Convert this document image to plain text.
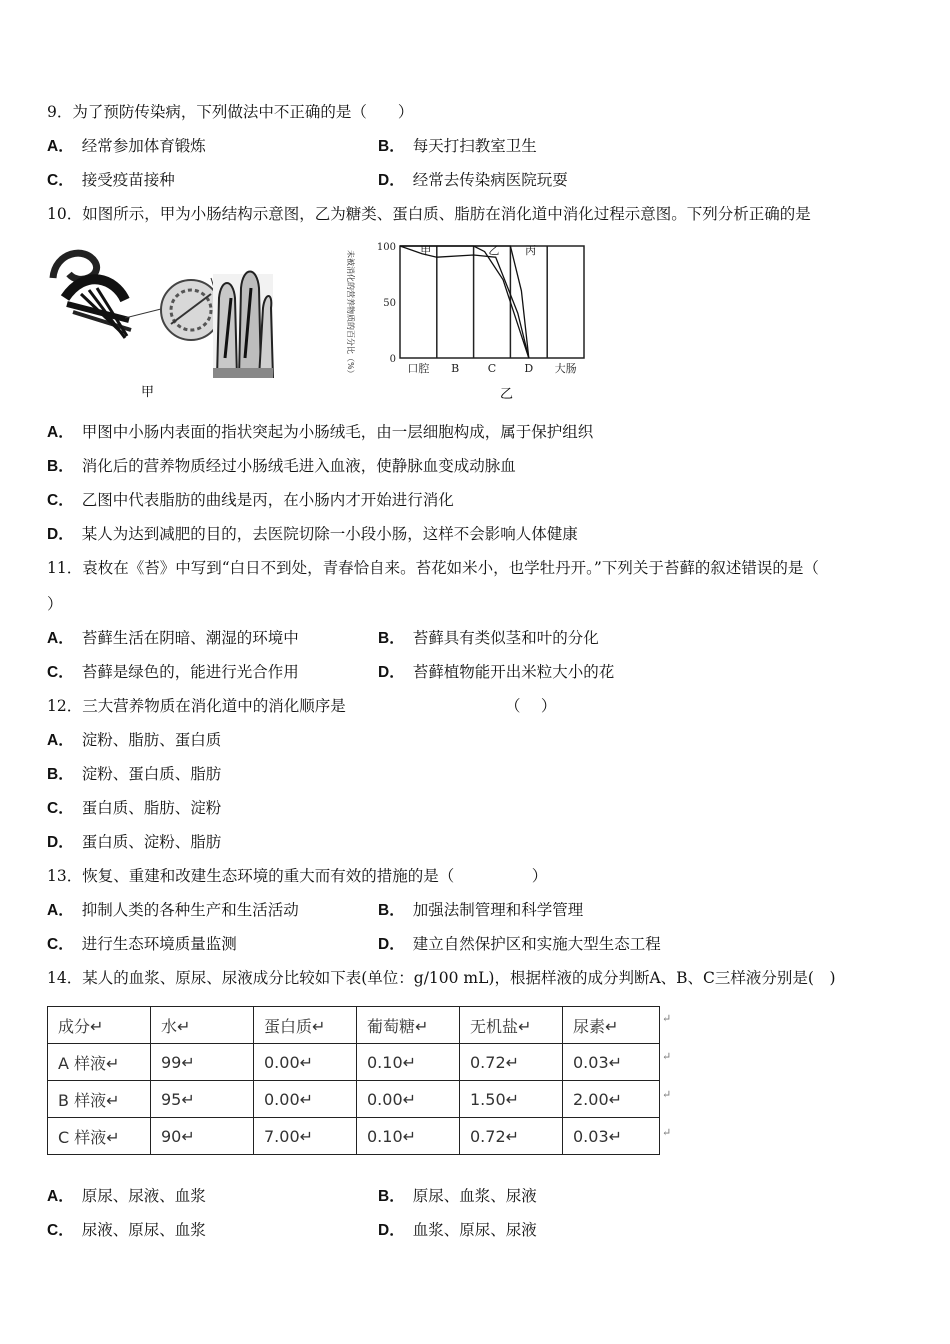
9．为了预防传染病，下列做法中不正确的是（　　）
A． 经常参加体育锻炼	B． 每天打扫教室卫生
C． 接受疫苗接种	D． 经常去传染病医院玩耍
10．如图所示，甲为小肠结构示意图，乙为糖类、蛋白质、脂肪在消化道中消化过程示意图。下列分析正确的是
甲
未被消化的营养物质的百分比（%）
100
50
0
口腔 B	C	D 大肠
甲	乙 丙
乙
A． 甲图中小肠内表面的指状突起为小肠绒毛，由一层细胞构成，属于保护组织
B． 消化后的营养物质经过小肠绒毛进入血液，使静脉血变成动脉血
C． 乙图中代表脂肪的曲线是丙，在小肠内才开始进行消化
D． 某人为达到减肥的目的，去医院切除一小段小肠，这样不会影响人体健康
11．袁枚在《苔》中写到“白日不到处，青春恰自来。苔花如米小，也学牡丹开。”下列关于苔藓的叙述错误的是（
）
A． 苔藓生活在阴暗、潮湿的环境中	B． 苔藓具有类似茎和叶的分化
C． 苔藓是绿色的，能进行光合作用	D． 苔藓植物能开出米粒大小的花
12．三大营养物质在消化道中的消化顺序是	（　 ）
A． 淀粉、脂肪、蛋白质
B． 淀粉、蛋白质、脂肪
C． 蛋白质、脂肪、淀粉
D． 蛋白质、淀粉、脂肪
13．恢复、重建和改建生态环境的重大而有效的措施的是（　　　　　）
A． 抑制人类的各种生产和生活活动	B． 加强法制管理和科学管理
C． 进行生态环境质量监测	D． 建立自然保护区和实施大型生态工程
14．某人的血浆、原尿、尿液成分比较如下表(单位：g/100 mL)，根据样液的成分判断A、B、C三样液分别是(　)
成分↵	水↵	蛋白质↵	葡萄糖↵	无机盐↵	尿素↵
A 样液↵	99↵	0.00↵	0.10↵	0.72↵	0.03↵
B 样液↵	95↵	0.00↵	0.00↵	1.50↵	2.00↵
C 样液↵	90↵	7.00↵	0.10↵	0.72↵	0.03↵
↵
↵
↵
↵
A． 原尿、尿液、血浆	B． 原尿、血浆、尿液
C． 尿液、原尿、血浆	D． 血浆、原尿、尿液
